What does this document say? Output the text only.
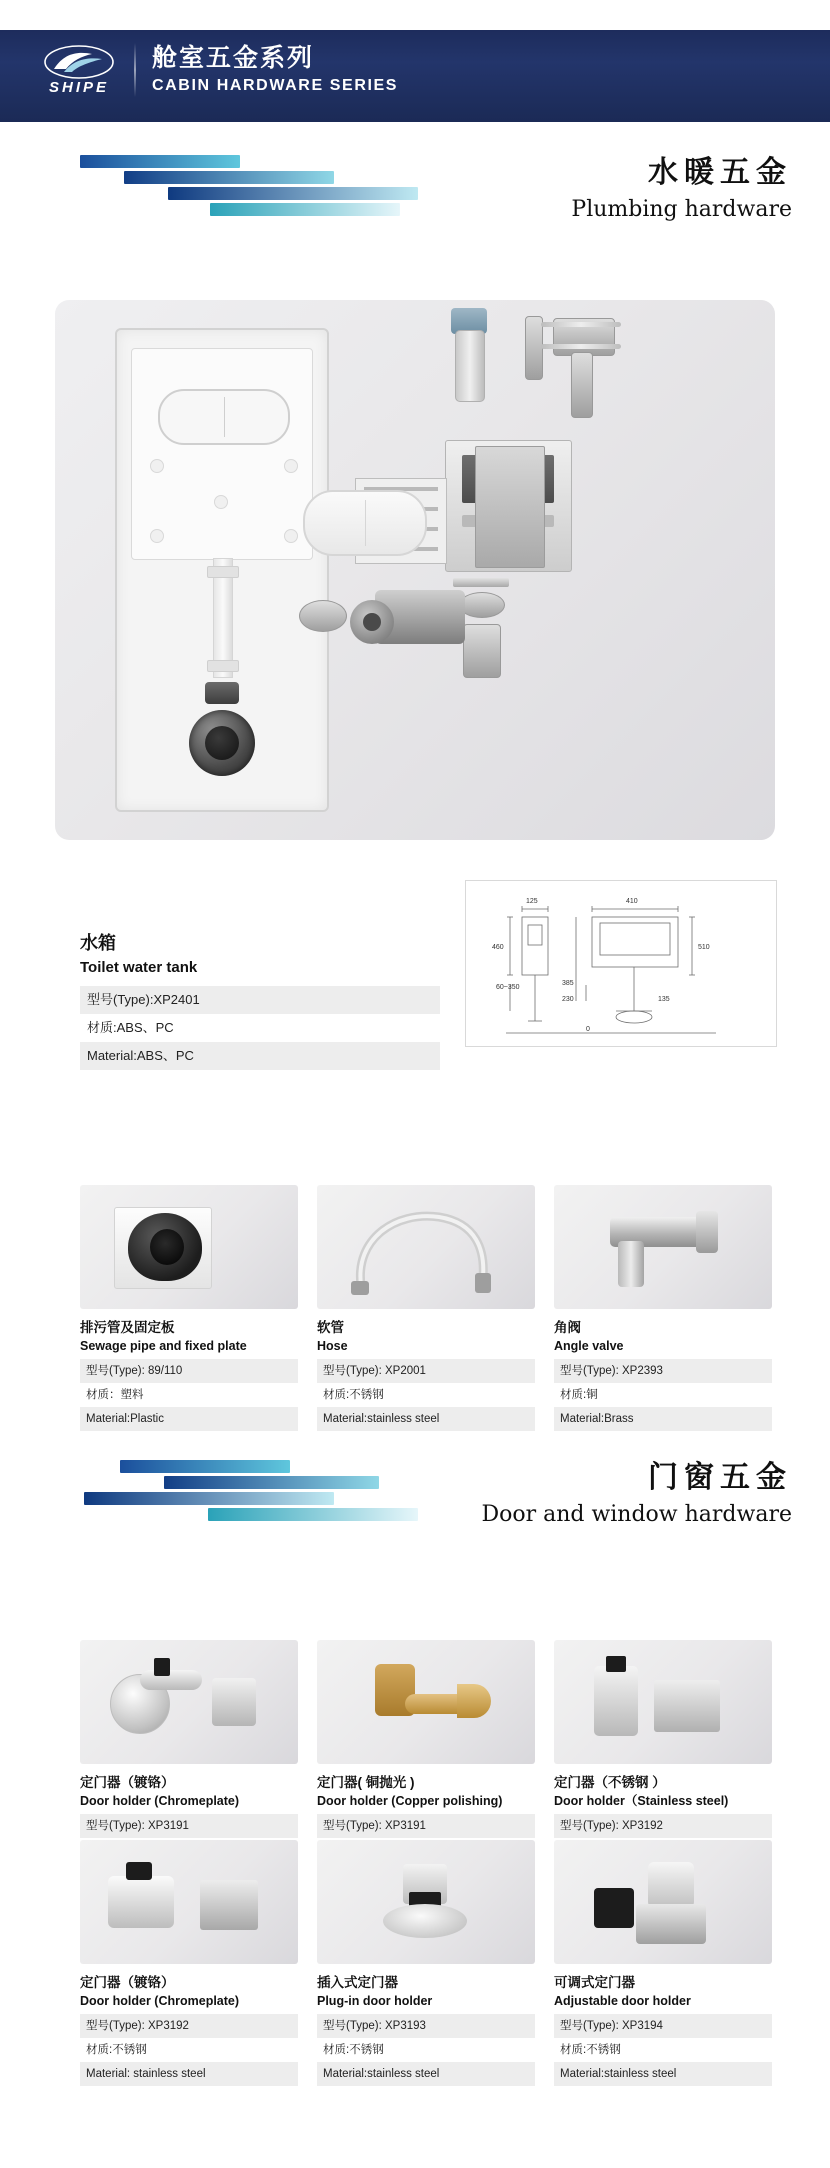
SHIPE
舱室五金系列
CABIN HARDWARE SERIES
水暖五金
Plumbing hardware
水箱
Toilet water tank
型号(Type):XP2401
材质:ABS、PC
Material:ABS、PC
125	410
460	510
60~350
385
230	135
0
排污管及固定板
Sewage pipe and fixed plate
型号(Type): 89/110
材质：塑料
Material:Plastic
软管
Hose
型号(Type): XP2001
材质:不锈钢
Material:stainless steel
角阀
Angle valve
型号(Type): XP2393
材质:铜
Material:Brass
门窗五金
Door and window hardware
定门器（镀铬）
Door holder (Chromeplate)
型号(Type): XP3191
定门器( 铜抛光 )
Door holder (Copper polishing)
型号(Type): XP3191
定门器（不锈钢 ）
Door holder（Stainless steel)
型号(Type): XP3192
定门器（镀铬）
Door holder (Chromeplate)
型号(Type): XP3192
材质:不锈钢
Material: stainless steel
插入式定门器
Plug-in door holder
型号(Type): XP3193
材质:不锈钢
Material:stainless steel
可调式定门器
Adjustable door holder
型号(Type): XP3194
材质:不锈钢
Material:stainless steel
